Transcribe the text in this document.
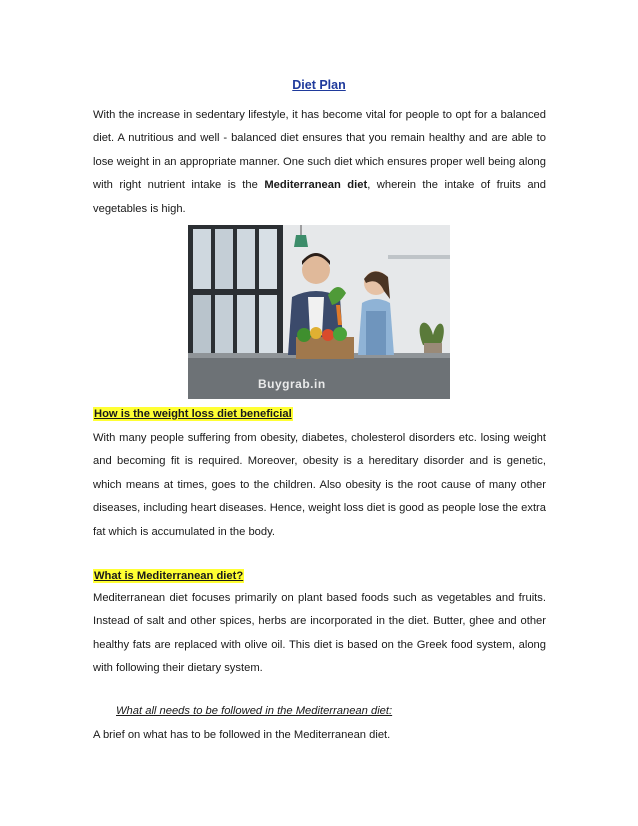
Diet Plan

With the increase in sedentary lifestyle, it has become vital for people to opt for a balanced diet. A nutritious and well - balanced diet ensures that you remain healthy and are able to lose weight in an appropriate manner. One such diet which ensures proper well being along with right nutrient intake is the Mediterranean diet, wherein the intake of fruits and vegetables is high.

Buygrab.in
How is the weight loss diet beneficial

With many people suffering from obesity, diabetes, cholesterol disorders etc. losing weight and becoming fit is required. Moreover, obesity is a hereditary disorder and is genetic, which means at times, goes to the children. Also obesity is the root cause of many other diseases, including heart diseases. Hence, weight loss diet is good as people lose the extra fat which is accumulated in the body.

What is Mediterranean diet?

Mediterranean diet focuses primarily on plant based foods such as vegetables and fruits. Instead of salt and other spices, herbs are incorporated in the diet. Butter, ghee and other healthy fats are replaced with olive oil. This diet is based on the Greek food system, along with following their dietary system.

What all needs to be followed in the Mediterranean diet:
A brief on what has to be followed in the Mediterranean diet.
